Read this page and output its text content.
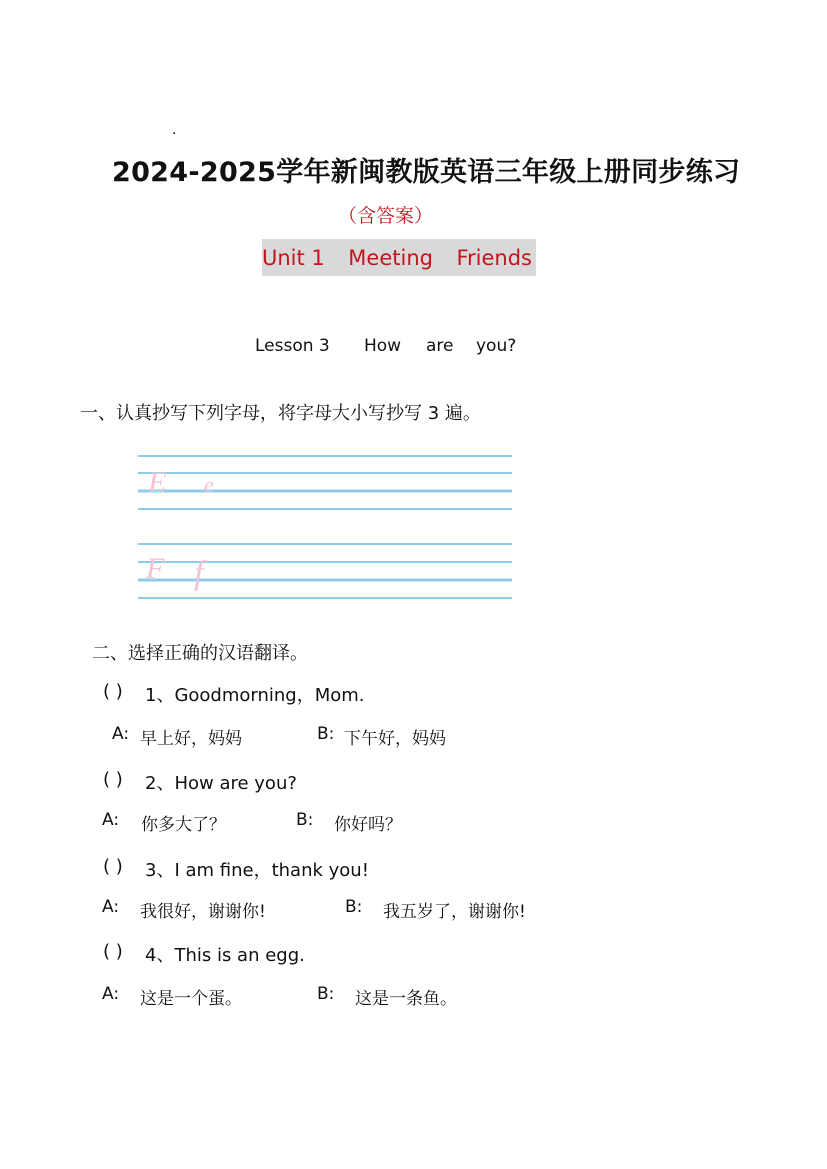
.
2024-2025学年新闽教版英语三年级上册同步练习
（含答案）
Unit 1 Meeting Friends
Lesson 3 How are you?
一、认真抄写下列字母，将字母大小写抄写 3 遍。
E e
F f
二、选择正确的汉语翻译。
( ) 1、Goodmorning，Mom.
A: 早上好，妈妈	B: 下午好，妈妈
( ) 2、How are you?
A: 你多大了？	B: 你好吗？
( ) 3、I am fine，thank you!
A: 我很好，谢谢你!	B: 我五岁了，谢谢你!
( ) 4、This is an egg.
A: 这是一个蛋。	B: 这是一条鱼。
